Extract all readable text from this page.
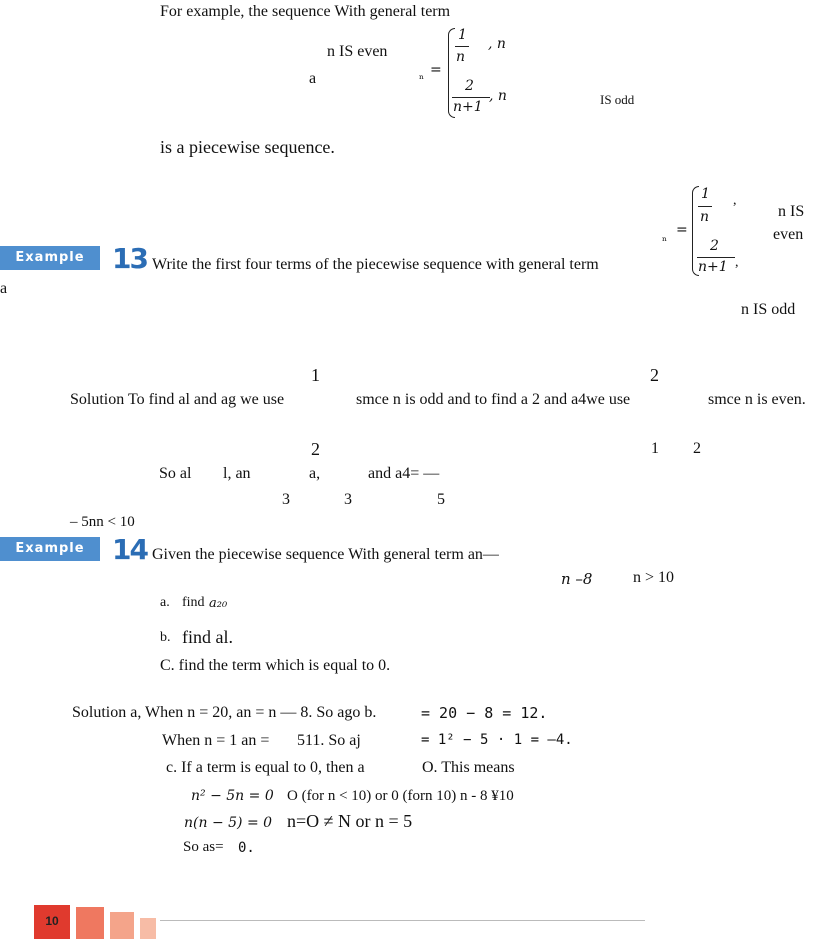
For example, the sequence With general term
n IS even
a	ₙ =
1
n
, n
2
n+1
, n	IS odd
is a piecewise sequence.
1
n
,
n IS
ₙ =	even
2
n+1 ,
Example 13 Write the first four terms of the piecewise sequence with general term
a
n IS odd
1	2
Solution To find al and ag we use	smce n is odd and to find a 2 and a4we use	smce n is even.
2	1 2
So al l, an	a,	and a4= —
3	3	5
– 5nn < 10
Example 14 Given the piecewise sequence With general term an—
n –8	n > 10
a. find a₂₀
b. find al.
C. find the term which is equal to 0.
Solution a, When n = 20, an = n — 8. So ago b.	= 20 − 8 = 12.
When n = 1 an = 511. So aj	= 1² − 5 · 1 = –4.
c. If a term is equal to 0, then a	O. This means
n² − 5n = 0 O (for n < 10) or 0 (forn 10) n - 8 ¥10
n(n − 5) = 0 n=O ≠ N or n = 5
So as= 0.
10
